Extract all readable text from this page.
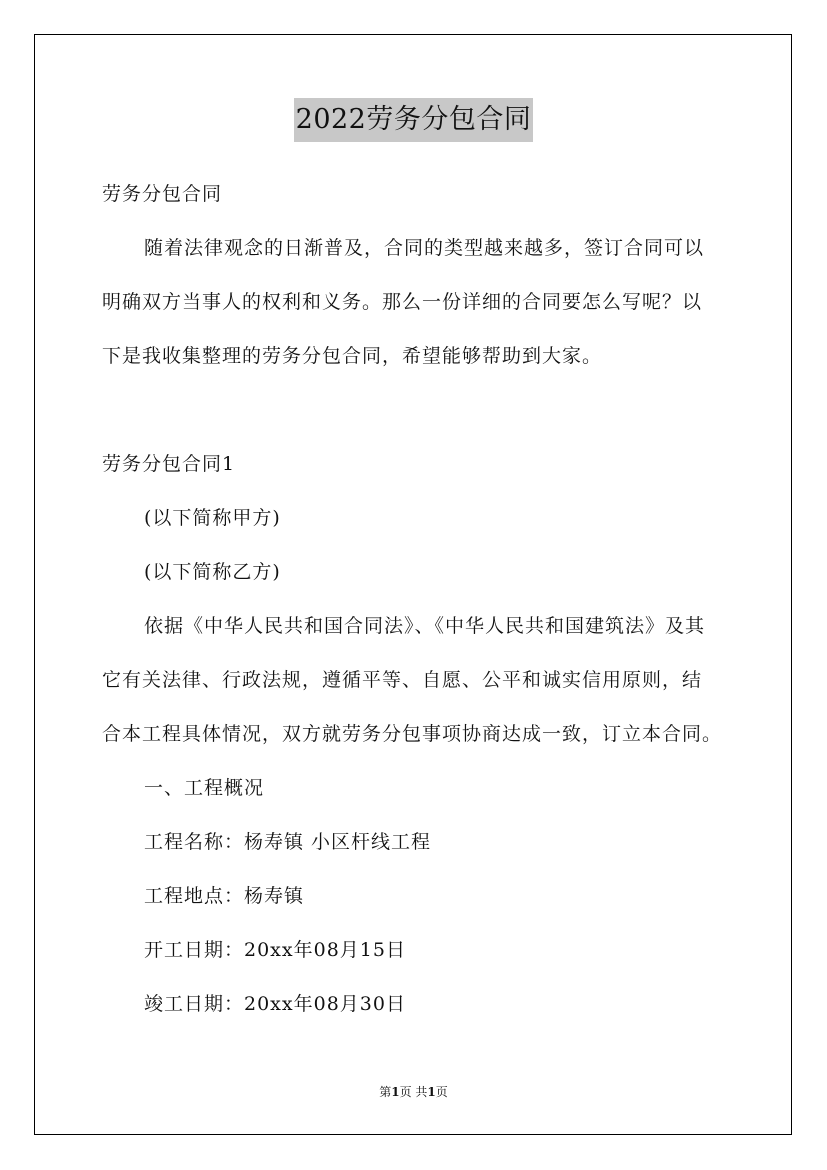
2022劳务分包合同
劳务分包合同
随着法律观念的日渐普及，合同的类型越来越多，签订合同可以
明确双方当事人的权利和义务。那么一份详细的合同要怎么写呢？以
下是我收集整理的劳务分包合同，希望能够帮助到大家。
劳务分包合同1
(以下简称甲方)
(以下简称乙方)
依据《中华人民共和国合同法》、《中华人民共和国建筑法》及其
它有关法律、行政法规，遵循平等、自愿、公平和诚实信用原则，结
合本工程具体情况，双方就劳务分包事项协商达成一致，订立本合同。
一、工程概况
工程名称：杨寿镇 小区杆线工程
工程地点：杨寿镇
开工日期：20xx年08月15日
竣工日期：20xx年08月30日
第1页 共1页
